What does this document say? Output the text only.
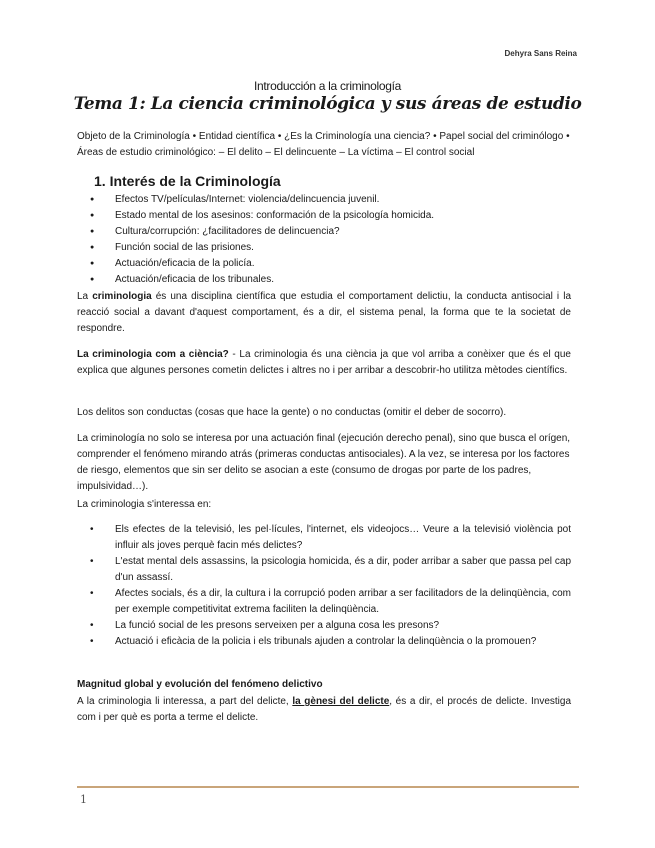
Dehyra Sans Reina
Introducción a la criminología
Tema 1: La ciencia criminológica y sus áreas de estudio
Objeto de la Criminología • Entidad científica • ¿Es la Criminología una ciencia? • Papel social del criminólogo • Áreas de estudio criminológico: – El delito – El delincuente – La víctima – El control social
1. Interés de la Criminología
● Efectos TV/películas/Internet: violencia/delincuencia juvenil.
● Estado mental de los asesinos: conformación de la psicología homicida.
● Cultura/corrupción: ¿facilitadores de delincuencia?
● Función social de las prisiones.
● Actuación/eficacia de la policía.
● Actuación/eficacia de los tribunales.

La criminologia és una disciplina científica que estudia el comportament delictiu, la conducta antisocial i la reacció social a davant d'aquest comportament, és a dir, el sistema penal, la forma que te la societat de respondre.

La criminologia com a ciència? - La criminologia és una ciència ja que vol arriba a conèixer que és el que explica que algunes persones cometin delictes i altres no i per arribar a descobrir-ho utilitza mètodes científics.

Los delitos son conductas (cosas que hace la gente) o no conductas (omitir el deber de socorro).

La criminología no solo se interesa por una actuación final (ejecución derecho penal), sino que busca el orígen, comprender el fenómeno mirando atrás (primeras conductas antisociales). A la vez, se interesa por los factores de riesgo, elementos que sin ser delito se asocian a este (consumo de drogas por parte de los padres, impulsividad…).

La criminologia s'interessa en:

• Els efectes de la televisió, les pel·lícules, l'internet, els videojocs… Veure a la televisió violència pot influir als joves perquè facin més delictes?
• L'estat mental dels assassins, la psicologia homicida, és a dir, poder arribar a saber que passa pel cap d'un assassí.
• Afectes socials, és a dir, la cultura i la corrupció poden arribar a ser facilitadors de la delinqüència, com per exemple competitivitat extrema faciliten la delinqüència.
• La funció social de les presons serveixen per a alguna cosa les presons?
• Actuació i eficàcia de la policia i els tribunals ajuden a controlar la delinqüència o la promouen?
Magnitud global y evolución del fenómeno delictivo

A la criminologia li interessa, a part del delicte, la gènesi del delicte, és a dir, el procés de delicte. Investiga com i per què es porta a terme el delicte.

1
